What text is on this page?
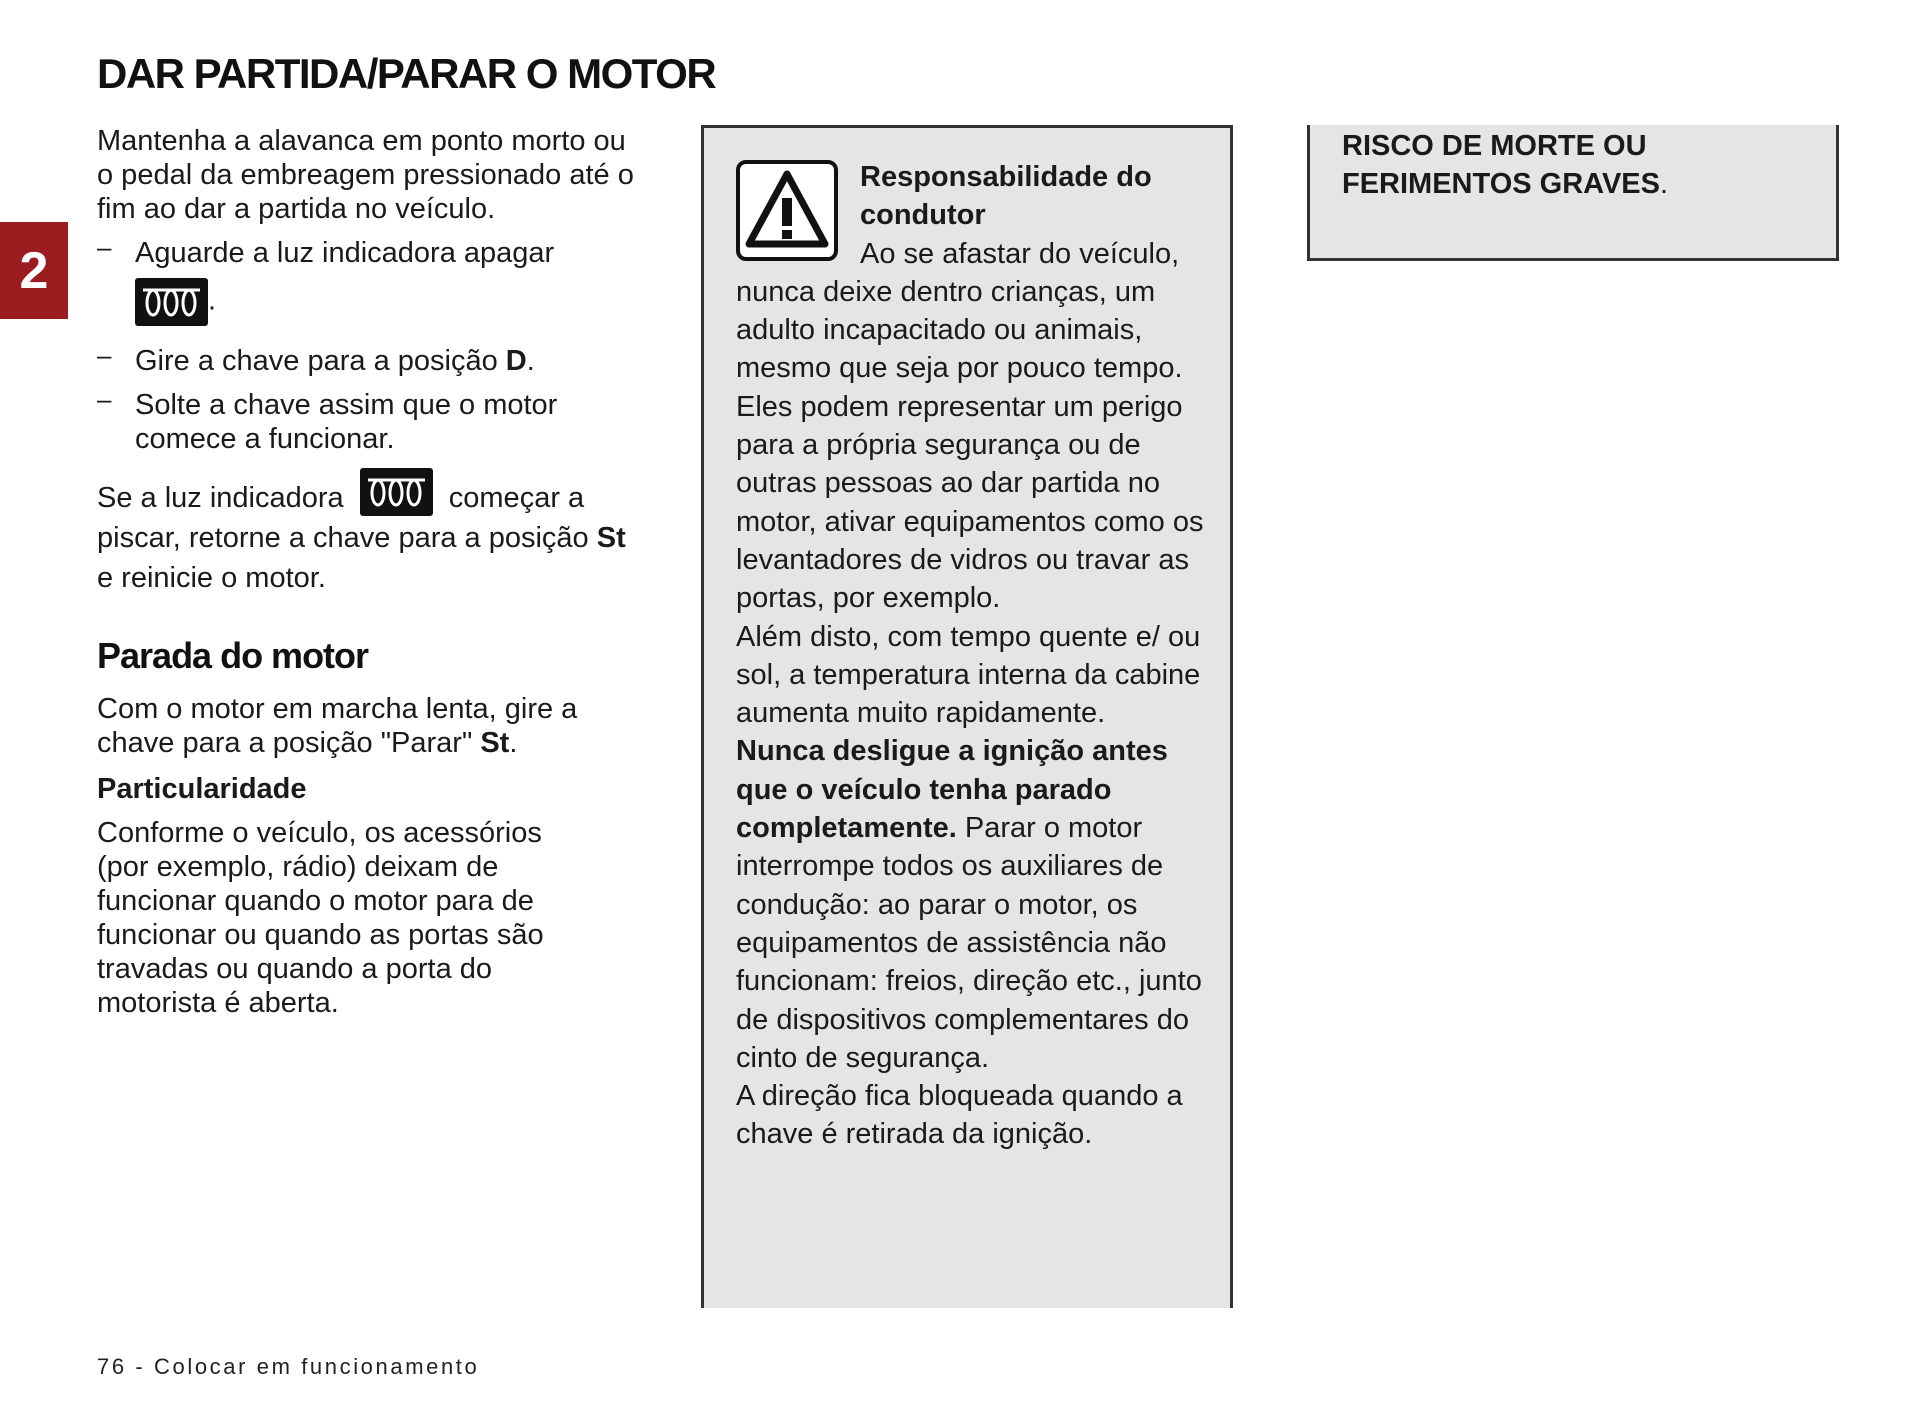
DAR PARTIDA/PARAR O MOTOR
2

Mantenha a alavanca em ponto morto ou o pedal da embreagem pressionado até o fim ao dar a partida no veículo.

– Aguarde a luz indicadora apagar
.
– Gire a chave para a posição D.
– Solte a chave assim que o motor comece a funcionar.

Se a luz indicadora	começar a piscar, retorne a chave para a posição St e reinicie o motor.

Parada do motor

Com o motor em marcha lenta, gire a chave para a posição "Parar" St.

Particularidade

Conforme o veículo, os acessórios (por exemplo, rádio) deixam de funcionar quando o motor para de funcionar ou quando as portas são travadas ou quando a porta do motorista é aberta.

Responsabilidade do condutor

Ao se afastar do veículo, nunca deixe dentro crianças, um adulto incapacitado ou animais, mesmo que seja por pouco tempo.

Eles podem representar um perigo para a própria segurança ou de outras pessoas ao dar partida no motor, ativar equipamentos como os levantadores de vidros ou travar as portas, por exemplo.

Além disto, com tempo quente e/ ou sol, a temperatura interna da cabine aumenta muito rapidamente.

Nunca desligue a ignição antes que o veículo tenha parado completamente. Parar o motor interrompe todos os auxiliares de condução: ao parar o motor, os equipamentos de assistência não funcionam: freios, direção etc., junto de dispositivos complementares do cinto de segurança.

A direção fica bloqueada quando a chave é retirada da ignição.

RISCO DE MORTE OU FERIMENTOS GRAVES.
76 - Colocar em funcionamento
